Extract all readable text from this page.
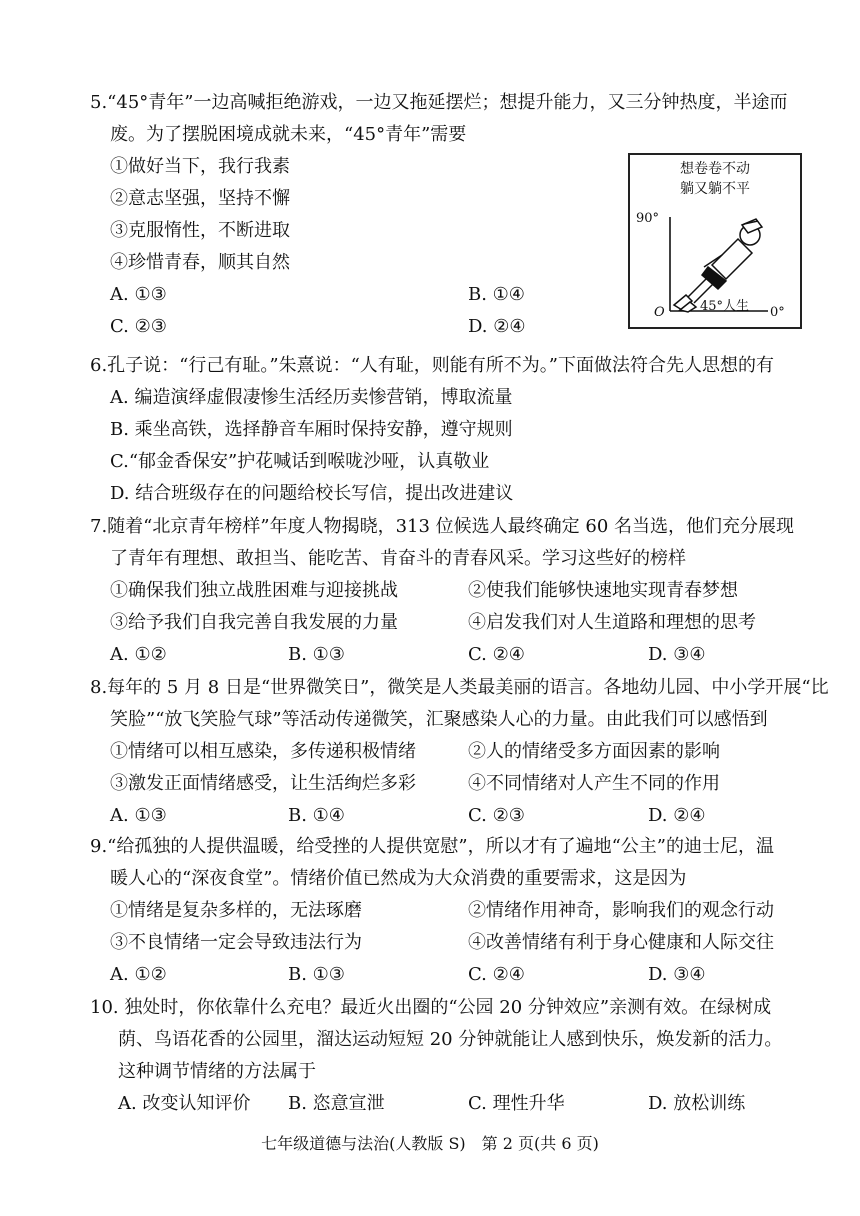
5.“45°青年”一边高喊拒绝游戏，一边又拖延摆烂；想提升能力，又三分钟热度，半途而
废。为了摆脱困境成就未来，“45°青年”需要
①做好当下，我行我素
②意志坚强，坚持不懈
③克服惰性，不断进取
④珍惜青春，顺其自然
A. ①③	B. ①④
C. ②③	D. ②④
想卷卷不动
躺又躺不平
90°
O	45°人生 0°
6.孔子说：“行己有耻。”朱熹说：“人有耻，则能有所不为。”下面做法符合先人思想的有
A. 编造演绎虚假凄惨生活经历卖惨营销，博取流量
B. 乘坐高铁，选择静音车厢时保持安静，遵守规则
C.“郁金香保安”护花喊话到喉咙沙哑，认真敬业
D. 结合班级存在的问题给校长写信，提出改进建议
7.随着“北京青年榜样”年度人物揭晓，313 位候选人最终确定 60 名当选，他们充分展现
了青年有理想、敢担当、能吃苦、肯奋斗的青春风采。学习这些好的榜样
①确保我们独立战胜困难与迎接挑战	②使我们能够快速地实现青春梦想
③给予我们自我完善自我发展的力量	④启发我们对人生道路和理想的思考
A. ①②	B. ①③	C. ②④	D. ③④
8.每年的 5 月 8 日是“世界微笑日”，微笑是人类最美丽的语言。各地幼儿园、中小学开展“比
笑脸”“放飞笑脸气球”等活动传递微笑，汇聚感染人心的力量。由此我们可以感悟到
①情绪可以相互感染，多传递积极情绪	②人的情绪受多方面因素的影响
③激发正面情绪感受，让生活绚烂多彩	④不同情绪对人产生不同的作用
A. ①③	B. ①④	C. ②③	D. ②④
9.“给孤独的人提供温暖，给受挫的人提供宽慰”，所以才有了遍地“公主”的迪士尼，温
暖人心的“深夜食堂”。情绪价值已然成为大众消费的重要需求，这是因为
①情绪是复杂多样的，无法琢磨	②情绪作用神奇，影响我们的观念行动
③不良情绪一定会导致违法行为	④改善情绪有利于身心健康和人际交往
A. ①②	B. ①③	C. ②④	D. ③④
10. 独处时，你依靠什么充电？最近火出圈的“公园 20 分钟效应”亲测有效。在绿树成
荫、鸟语花香的公园里，溜达运动短短 20 分钟就能让人感到快乐，焕发新的活力。
这种调节情绪的方法属于
A. 改变认知评价 B. 恣意宣泄	C. 理性升华	D. 放松训练
七年级道德与法治(人教版 S)　第 2 页(共 6 页)
